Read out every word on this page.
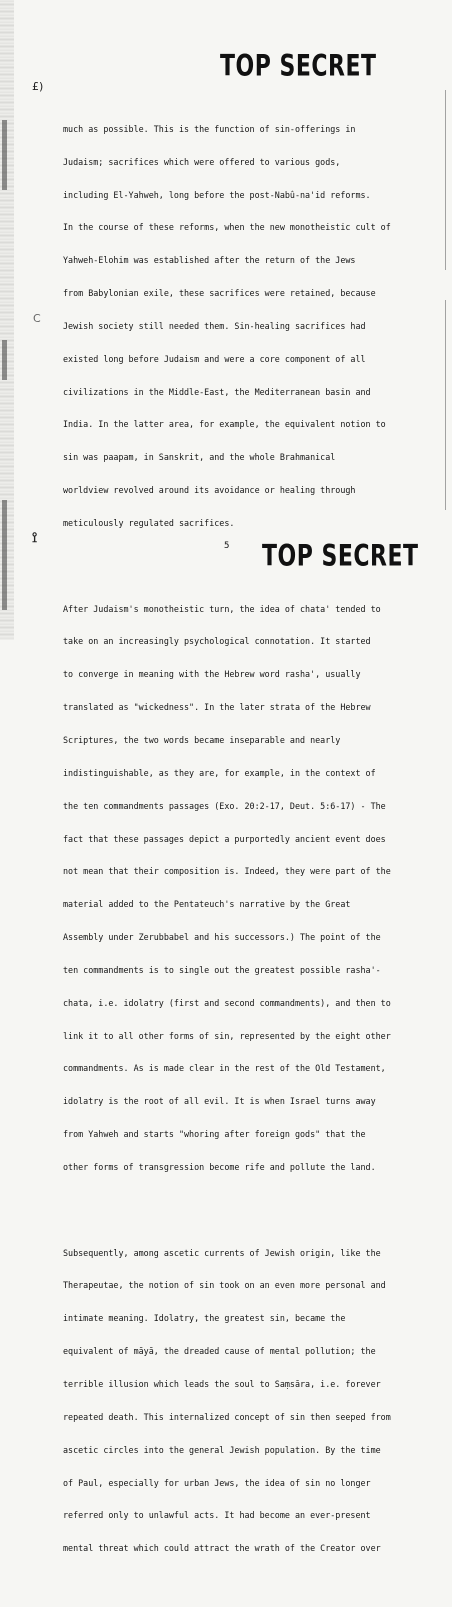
TOP SECRET
£)
C
⟟

much as possible. This is the function of sin-offerings in

Judaism; sacrifices which were offered to various gods,

including El-Yahweh, long before the post-Nabû-na'id reforms.

In the course of these reforms, when the new monotheistic cult of

Yahweh-Elohim was established after the return of the Jews

from Babylonian exile, these sacrifices were retained, because

Jewish society still needed them. Sin-healing sacrifices had

existed long before Judaism and were a core component of all

civilizations in the Middle-East, the Mediterranean basin and

India. In the latter area, for example, the equivalent notion to

sin was paapam, in Sanskrit, and the whole Brahmanical

worldview revolved around its avoidance or healing through

meticulously regulated sacrifices.

After Judaism's monotheistic turn, the idea of chata' tended to

take on an increasingly psychological connotation. It started

to converge in meaning with the Hebrew word rasha', usually

translated as "wickedness". In the later strata of the Hebrew

Scriptures, the two words became inseparable and nearly

indistinguishable, as they are, for example, in the context of

the ten commandments passages (Exo. 20:2-17, Deut. 5:6-17) - The

fact that these passages depict a purportedly ancient event does

not mean that their composition is. Indeed, they were part of the

material added to the Pentateuch's narrative by the Great

Assembly under Zerubbabel and his successors.) The point of the

ten commandments is to single out the greatest possible rasha'-

chata, i.e. idolatry (first and second commandments), and then to

link it to all other forms of sin, represented by the eight other

commandments. As is made clear in the rest of the Old Testament,

idolatry is the root of all evil. It is when Israel turns away

from Yahweh and starts "whoring after foreign gods" that the

other forms of transgression become rife and pollute the land.

Subsequently, among ascetic currents of Jewish origin, like the

Therapeutae, the notion of sin took on an even more personal and

intimate meaning. Idolatry, the greatest sin, became the

equivalent of māyā, the dreaded cause of mental pollution; the

terrible illusion which leads the soul to Saṃsāra, i.e. forever

repeated death. This internalized concept of sin then seeped from

ascetic circles into the general Jewish population. By the time

of Paul, especially for urban Jews, the idea of sin no longer

referred only to unlawful acts. It had become an ever-present

mental threat which could attract the wrath of the Creator over

5 TOP SECRET
